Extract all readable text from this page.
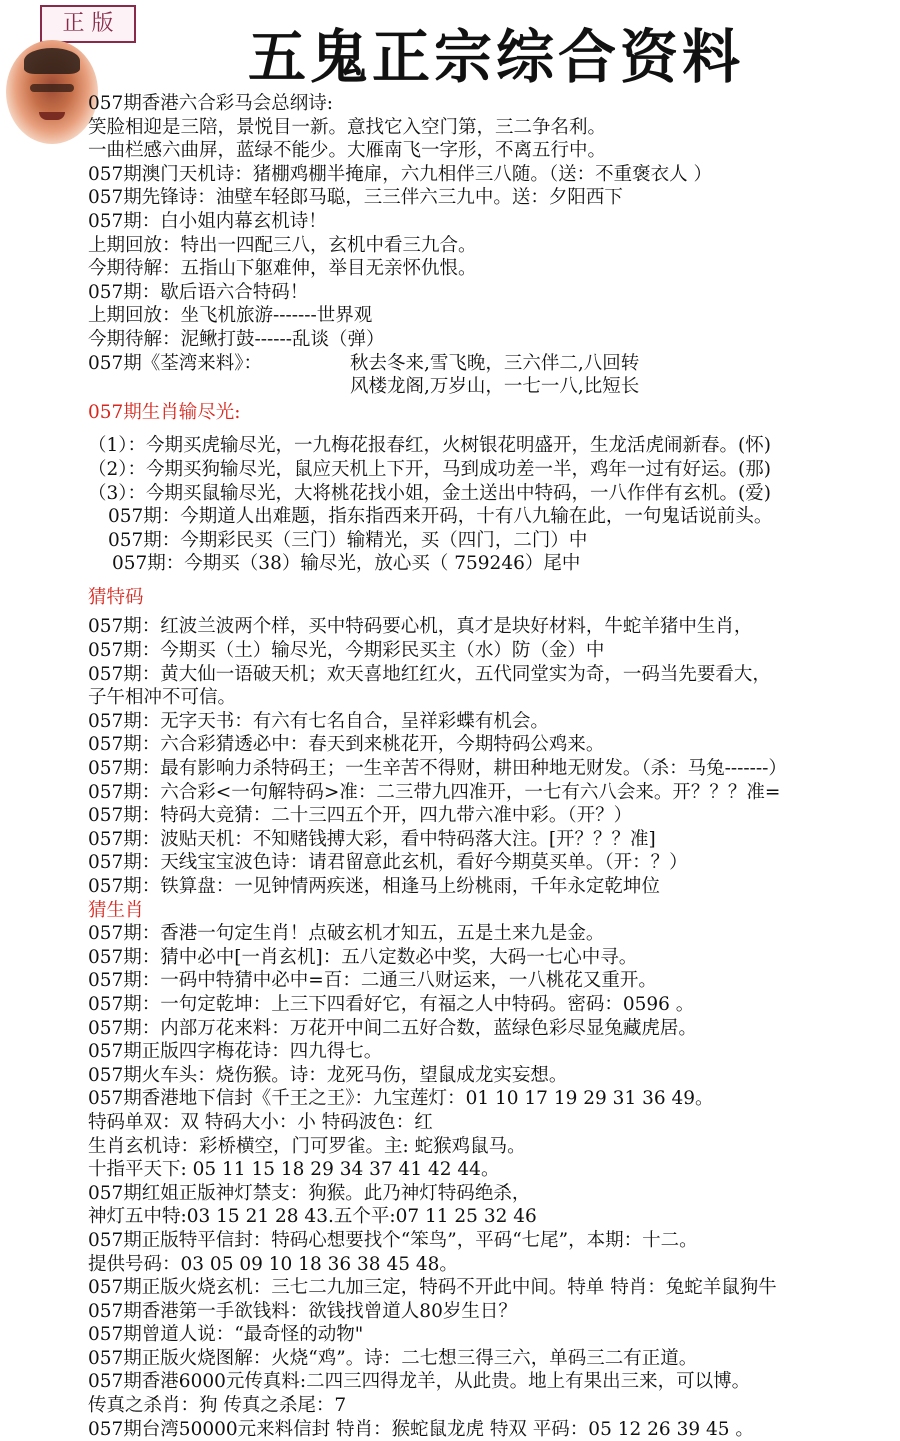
正 版	五鬼正宗综合资料
057期香港六合彩马会总纲诗:
笑脸相迎是三陪，景悦目一新。意找它入空门第，三二争名利。
一曲栏感六曲屏，蓝绿不能少。大雁南飞一字形，不离五行中。
057期澳门天机诗：猪棚鸡棚半掩扉，六九相伴三八随。（送：不重褒衣人 ）
057期先锋诗：油壁车轻郎马聪，三三伴六三九中。送：夕阳西下
057期：白小姐内幕玄机诗！
上期回放：特出一四配三八，玄机中看三九合。
今期待解：五指山下躯难伸，举目无亲怀仇恨。
057期：歇后语六合特码！
上期回放：坐飞机旅游-------世界观
今期待解：泥鳅打鼓------乱谈（弹）
057期《荃湾来料》：	秋去冬来,雪飞晚，三六伴二,八回转
风楼龙阁,万岁山，一七一八,比短长
057期生肖输尽光:
（1）：今期买虎输尽光，一九梅花报春红，火树银花明盛开，生龙活虎闹新春。(怀)
（2）：今期买狗输尽光，鼠应天机上下开，马到成功差一半，鸡年一过有好运。(那)
（3）：今期买鼠输尽光，大将桃花找小姐，金土送出中特码，一八作伴有玄机。(爱)
057期：今期道人出难题，指东指西来开码，十有八九输在此，一句鬼话说前头。
057期：今期彩民买（三门）输精光，买（四门，二门）中
057期：今期买（38）输尽光，放心买（ 759246）尾中
猜特码
057期：红波兰波两个样，买中特码要心机，真才是块好材料，牛蛇羊猪中生肖，
057期：今期买（土）输尽光，今期彩民买主（水）防（金）中
057期：黄大仙一语破天机；欢天喜地红红火，五代同堂实为奇，一码当先要看大，
子午相冲不可信。
057期：无字天书：有六有七名自合，呈祥彩蝶有机会。
057期：六合彩猜透必中：春天到来桃花开，今期特码公鸡来。
057期：最有影响力杀特码王；一生辛苦不得财，耕田种地无财发。（杀：马兔-------）
057期：六合彩<一句解特码>准：二三带九四准开，一七有六八会来。开？？？准=
057期：特码大竞猜：二十三四五个开，四九带六准中彩。（开？）
057期：波贴天机：不知赌钱搏大彩，看中特码落大注。[开？？？准]
057期：天线宝宝波色诗：请君留意此玄机，看好今期莫买单。（开：？）
057期：铁算盘：一见钟情两疾迷，相逢马上纷桃雨，千年永定乾坤位
猜生肖
057期：香港一句定生肖！点破玄机才知五，五是土来九是金。
057期：猜中必中[一肖玄机]：五八定数必中奖，大码一七心中寻。
057期：一码中特猜中必中=百：二通三八财运来，一八桃花又重开。
057期：一句定乾坤：上三下四看好它，有福之人中特码。密码：0596 。
057期：内部万花来料：万花开中间二五好合数，蓝绿色彩尽显兔藏虎居。
057期正版四字梅花诗：四九得七。
057期火车头：烧伤猴。诗：龙死马伤，望鼠成龙实妄想。
057期香港地下信封《千王之王》：九宝莲灯：01 10 17 19 29 31 36 49。
特码单双：双 特码大小：小 特码波色：红
生肖玄机诗：彩桥横空，门可罗雀。主: 蛇猴鸡鼠马。
十指平天下: 05 11 15 18 29 34 37 41 42 44。
057期红姐正版神灯禁支：狗猴。此乃神灯特码绝杀，
神灯五中特:03 15 21 28 43.五个平:07 11 25 32 46
057期正版特平信封：特码心想要找个“笨鸟”，平码“七尾”，本期：十二。
提供号码：03 05 09 10 18 36 38 45 48。
057期正版火烧玄机：三七二九加三定，特码不开此中间。特单 特肖：兔蛇羊鼠狗牛
057期香港第一手欲钱料：欲钱找曾道人80岁生日？
057期曾道人说：“最奇怪的动物"
057期正版火烧图解：火烧“鸡”。诗：二七想三得三六，单码三二有正道。
057期香港6000元传真料:二四三四得龙羊，从此贵。地上有果出三来，可以博。
传真之杀肖：狗 传真之杀尾：7
057期台湾50000元来料信封 特肖：猴蛇鼠龙虎 特双 平码：05 12 26 39 45 。
